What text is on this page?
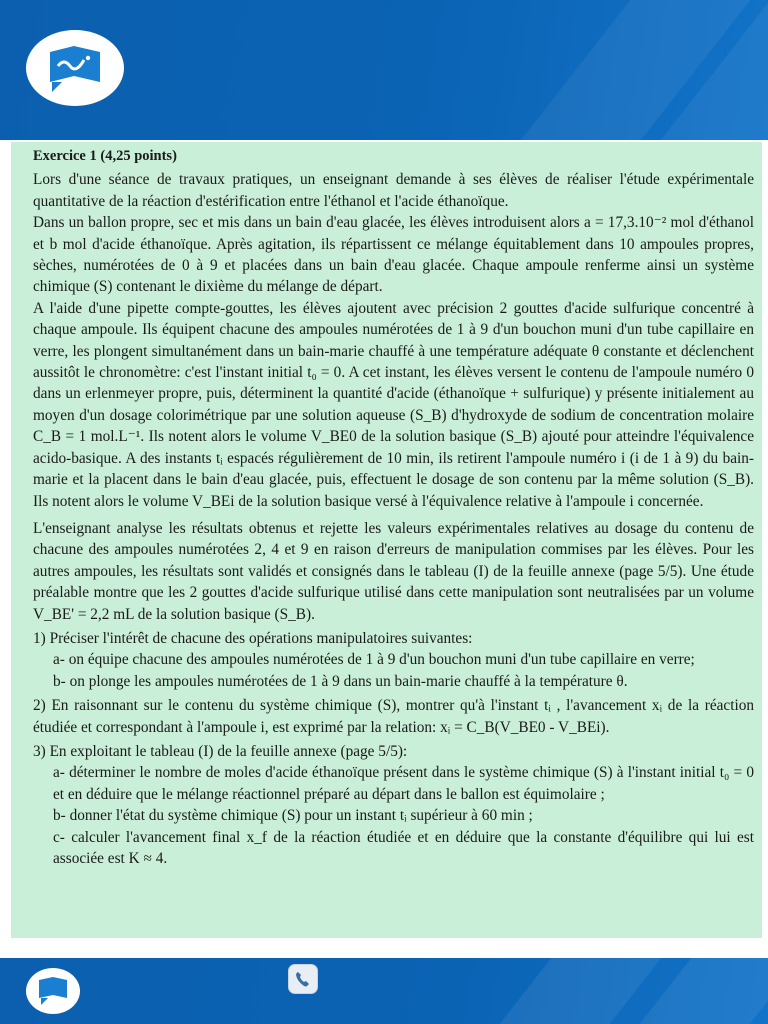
Exercice 1 (4,25 points)

Lors d'une séance de travaux pratiques, un enseignant demande à ses élèves de réaliser l'étude expérimentale quantitative de la réaction d'estérification entre l'éthanol et l'acide éthanoïque.

Dans un ballon propre, sec et mis dans un bain d'eau glacée, les élèves introduisent alors a = 17,3.10⁻² mol d'éthanol et b mol d'acide éthanoïque. Après agitation, ils répartissent ce mélange équitablement dans 10 ampoules propres, sèches, numérotées de 0 à 9 et placées dans un bain d'eau glacée. Chaque ampoule renferme ainsi un système chimique (S) contenant le dixième du mélange de départ.

A l'aide d'une pipette compte-gouttes, les élèves ajoutent avec précision 2 gouttes d'acide sulfurique concentré à chaque ampoule. Ils équipent chacune des ampoules numérotées de 1 à 9 d'un bouchon muni d'un tube capillaire en verre, les plongent simultanément dans un bain-marie chauffé à une température adéquate θ constante et déclenchent aussitôt le chronomètre: c'est l'instant initial t₀ = 0. A cet instant, les élèves versent le contenu de l'ampoule numéro 0 dans un erlenmeyer propre, puis, déterminent la quantité d'acide (éthanoïque + sulfurique) y présente initialement au moyen d'un dosage colorimétrique par une solution aqueuse (S_B) d'hydroxyde de sodium de concentration molaire C_B = 1 mol.L⁻¹. Ils notent alors le volume V_BE0 de la solution basique (S_B) ajouté pour atteindre l'équivalence acido-basique. A des instants tᵢ espacés régulièrement de 10 min, ils retirent l'ampoule numéro i (i de 1 à 9) du bain-marie et la placent dans le bain d'eau glacée, puis, effectuent le dosage de son contenu par la même solution (S_B). Ils notent alors le volume V_BEi de la solution basique versé à l'équivalence relative à l'ampoule i concernée.

L'enseignant analyse les résultats obtenus et rejette les valeurs expérimentales relatives au dosage du contenu de chacune des ampoules numérotées 2, 4 et 9 en raison d'erreurs de manipulation commises par les élèves. Pour les autres ampoules, les résultats sont validés et consignés dans le tableau (I) de la feuille annexe (page 5/5). Une étude préalable montre que les 2 gouttes d'acide sulfurique utilisé dans cette manipulation sont neutralisées par un volume V_BE' = 2,2 mL de la solution basique (S_B).

1) Préciser l'intérêt de chacune des opérations manipulatoires suivantes:

a- on équipe chacune des ampoules numérotées de 1 à 9 d'un bouchon muni d'un tube capillaire en verre;

b- on plonge les ampoules numérotées de 1 à 9 dans un bain-marie chauffé à la température θ.

2) En raisonnant sur le contenu du système chimique (S), montrer qu'à l'instant tᵢ , l'avancement xᵢ de la réaction étudiée et correspondant à l'ampoule i, est exprimé par la relation: xᵢ = C_B(V_BE0 - V_BEi).

3) En exploitant le tableau (I) de la feuille annexe (page 5/5):

a- déterminer le nombre de moles d'acide éthanoïque présent dans le système chimique (S) à l'instant initial t₀ = 0 et en déduire que le mélange réactionnel préparé au départ dans le ballon est équimolaire ;

b- donner l'état du système chimique (S) pour un instant tᵢ supérieur à 60 min ;

c- calculer l'avancement final x_f de la réaction étudiée et en déduire que la constante d'équilibre qui lui est associée est K ≈ 4.
